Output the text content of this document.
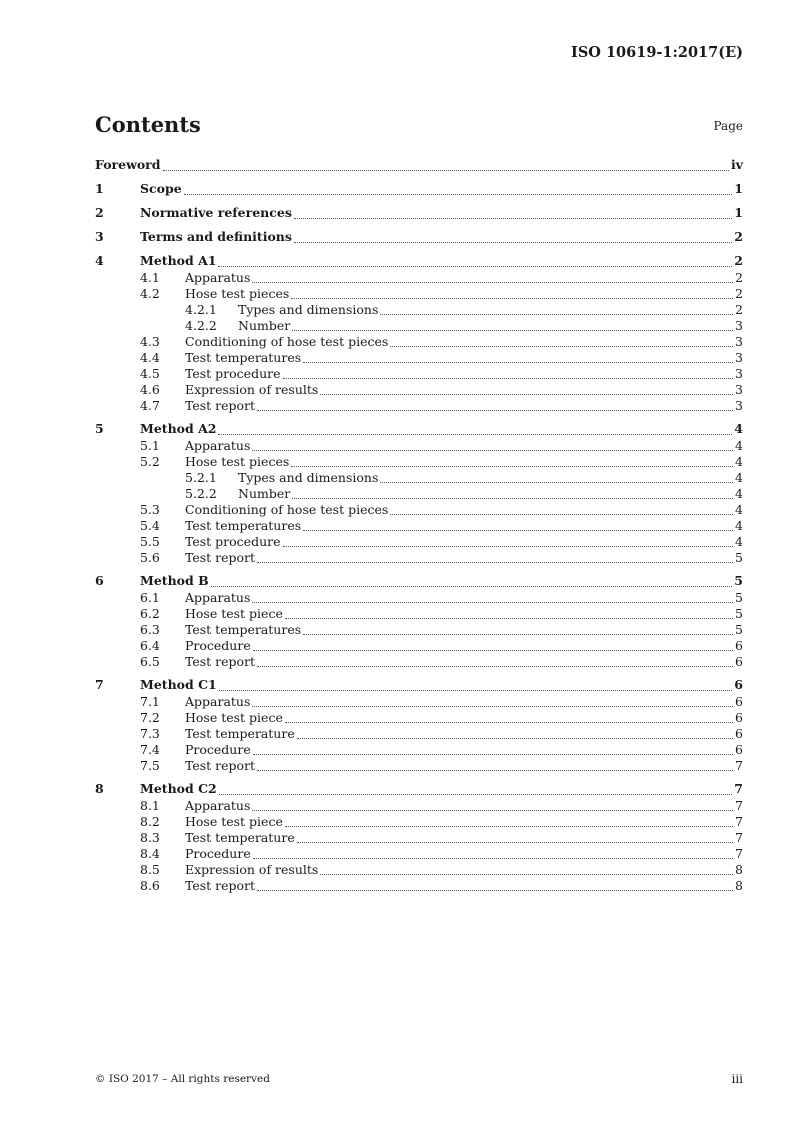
ISO 10619-1:2017(E)
Contents	Page
Foreword	iv
1	Scope	1
2	Normative references	1
3	Terms and definitions	2
4	Method A1	2
4.1	Apparatus	2
4.2	Hose test pieces	2
4.2.1	Types and dimensions	2
4.2.2	Number	3
4.3	Conditioning of hose test pieces	3
4.4	Test temperatures	3
4.5	Test procedure	3
4.6	Expression of results	3
4.7	Test report	3
5	Method A2	4
5.1	Apparatus	4
5.2	Hose test pieces	4
5.2.1	Types and dimensions	4
5.2.2	Number	4
5.3	Conditioning of hose test pieces	4
5.4	Test temperatures	4
5.5	Test procedure	4
5.6	Test report	5
6	Method B	5
6.1	Apparatus	5
6.2	Hose test piece	5
6.3	Test temperatures	5
6.4	Procedure	6
6.5	Test report	6
7	Method C1	6
7.1	Apparatus	6
7.2	Hose test piece	6
7.3	Test temperature	6
7.4	Procedure	6
7.5	Test report	7
8	Method C2	7
8.1	Apparatus	7
8.2	Hose test piece	7
8.3	Test temperature	7
8.4	Procedure	7
8.5	Expression of results	8
8.6	Test report	8
© ISO 2017 – All rights reserved	iii
